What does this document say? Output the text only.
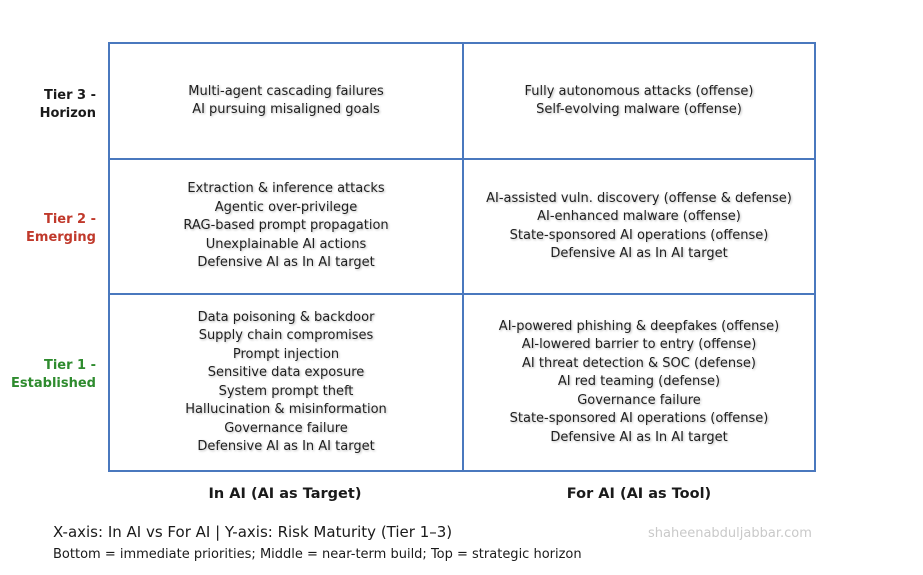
Multi-agent cascading failures
AI pursuing misaligned goals
Fully autonomous attacks (offense)
Self-evolving malware (offense)
Extraction & inference attacks
Agentic over-privilege
RAG-based prompt propagation
Unexplainable AI actions
Defensive AI as In AI target
AI-assisted vuln. discovery (offense & defense)
AI-enhanced malware (offense)
State-sponsored AI operations (offense)
Defensive AI as In AI target
Data poisoning & backdoor
Supply chain compromises
Prompt injection
Sensitive data exposure
System prompt theft
Hallucination & misinformation
Governance failure
Defensive AI as In AI target
AI-powered phishing & deepfakes (offense)
AI-lowered barrier to entry (offense)
AI threat detection & SOC (defense)
AI red teaming (defense)
Governance failure
State-sponsored AI operations (offense)
Defensive AI as In AI target
Tier 3 -
Horizon
Tier 2 -
Emerging
Tier 1 -
Established
In AI (AI as Target)	For AI (AI as Tool)
X-axis: In AI vs For AI | Y-axis: Risk Maturity (Tier 1–3)
Bottom = immediate priorities; Middle = near-term build; Top = strategic horizon
shaheenabduljabbar.com
